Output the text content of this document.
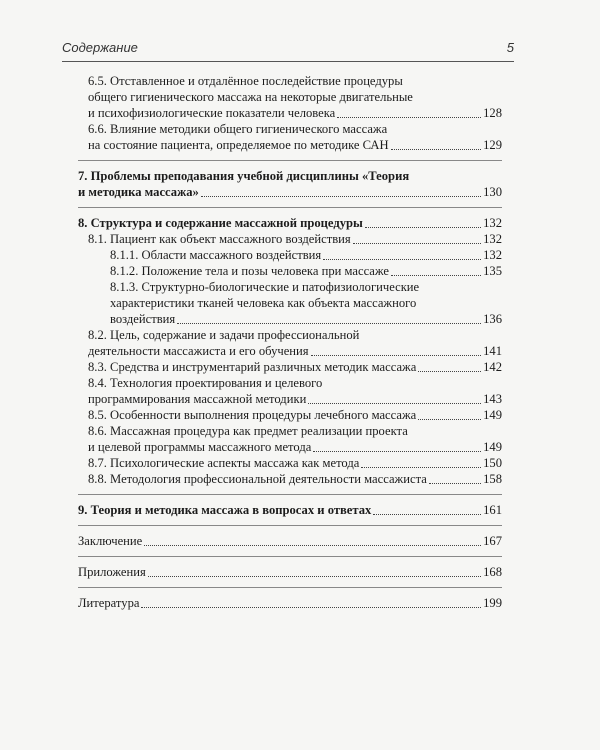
Содержание	5
6.5. Отставленное и отдалённое последействие процедуры
общего гигиенического массажа на некоторые двигательные
и психофизиологические показатели человека	128
6.6. Влияние методики общего гигиенического массажа
на состояние пациента, определяемое по методике САН	129
7. Проблемы преподавания учебной дисциплины «Теория
и методика массажа»	130
8. Структура и содержание массажной процедуры	132
8.1. Пациент как объект массажного воздействия	132
8.1.1. Области массажного воздействия	132
8.1.2. Положение тела и позы человека при массаже	135
8.1.3. Структурно-биологические и патофизиологические
характеристики тканей человека как объекта массажного
воздействия	136
8.2. Цель, содержание и задачи профессиональной
деятельности массажиста и его обучения	141
8.3. Средства и инструментарий различных методик массажа	142
8.4. Технология проектирования и целевого
программирования массажной методики	143
8.5. Особенности выполнения процедуры лечебного массажа	149
8.6. Массажная процедура как предмет реализации проекта
и целевой программы массажного метода	149
8.7. Психологические аспекты массажа как метода	150
8.8. Методология профессиональной деятельности массажиста	158
9. Теория и методика массажа в вопросах и ответах	161
Заключение	167
Приложения	168
Литература	199
